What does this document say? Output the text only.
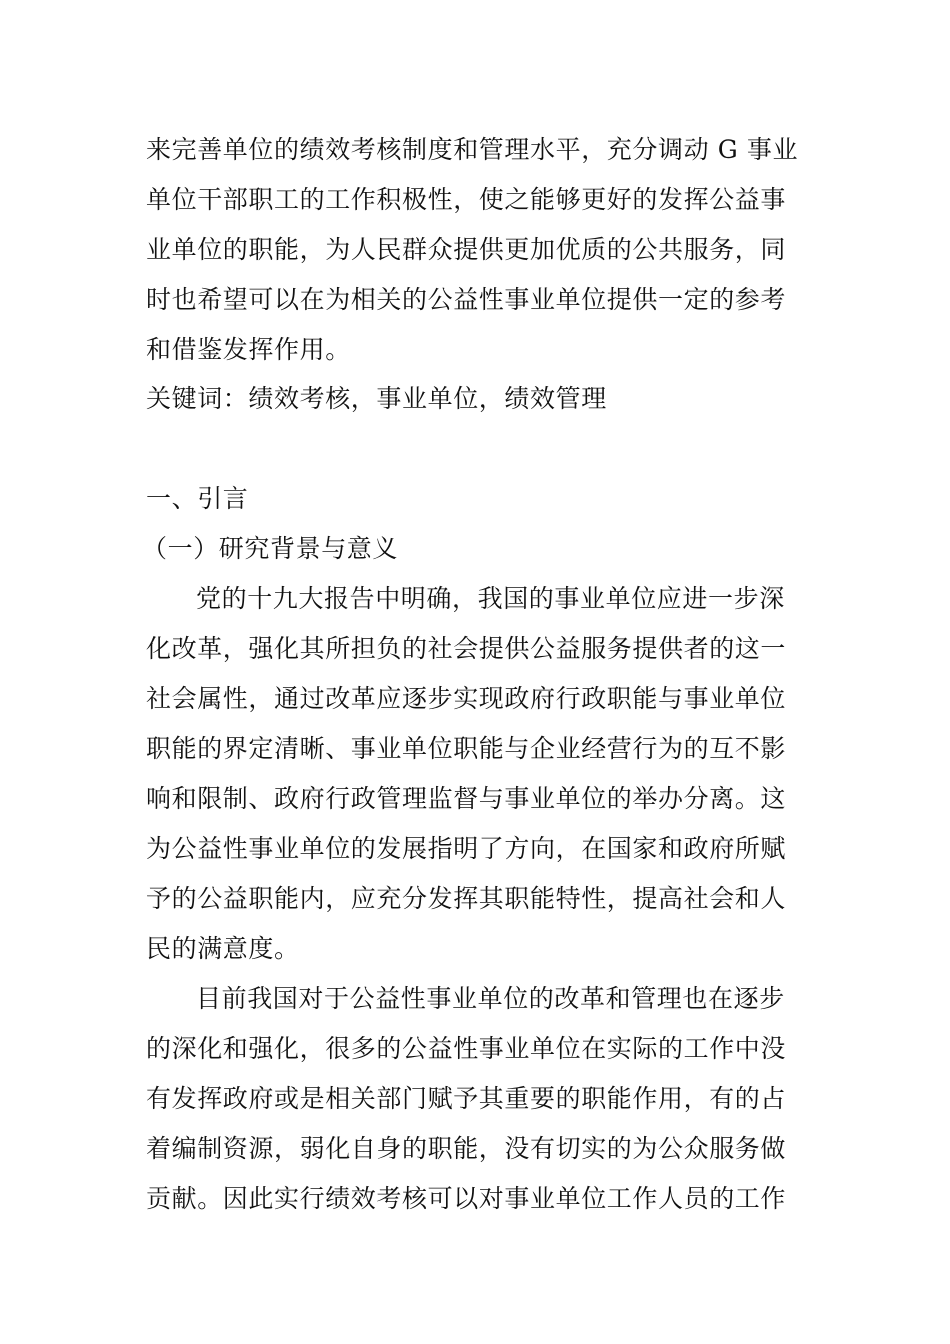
来完善单位的绩效考核制度和管理水平，充分调动 G 事业
单位干部职工的工作积极性，使之能够更好的发挥公益事
业单位的职能，为人民群众提供更加优质的公共服务，同
时也希望可以在为相关的公益性事业单位提供一定的参考
和借鉴发挥作用。
关键词：绩效考核，事业单位，绩效管理
一、引言
（一）研究背景与意义
党的十九大报告中明确，我国的事业单位应进一步深
化改革，强化其所担负的社会提供公益服务提供者的这一
社会属性，通过改革应逐步实现政府行政职能与事业单位
职能的界定清晰、事业单位职能与企业经营行为的互不影
响和限制、政府行政管理监督与事业单位的举办分离。这
为公益性事业单位的发展指明了方向，在国家和政府所赋
予的公益职能内，应充分发挥其职能特性，提高社会和人
民的满意度。
目前我国对于公益性事业单位的改革和管理也在逐步
的深化和强化，很多的公益性事业单位在实际的工作中没
有发挥政府或是相关部门赋予其重要的职能作用，有的占
着编制资源，弱化自身的职能，没有切实的为公众服务做
贡献。因此实行绩效考核可以对事业单位工作人员的工作
